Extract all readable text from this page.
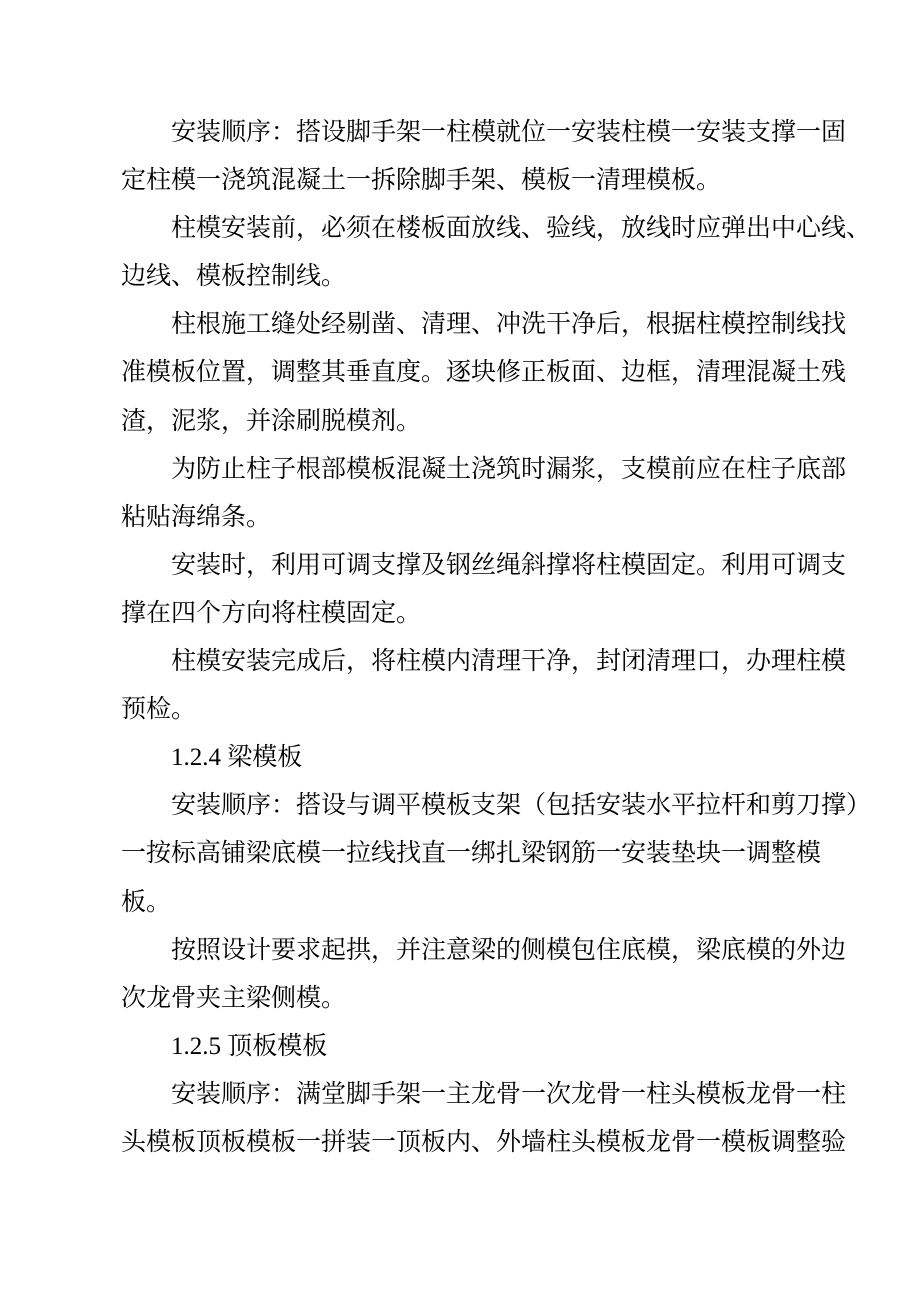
安装顺序：搭设脚手架一柱模就位一安装柱模一安装支撑一固
定柱模一浇筑混凝土一拆除脚手架、模板一清理模板。
柱模安装前，必须在楼板面放线、验线，放线时应弹出中心线、
边线、模板控制线。
柱根施工缝处经剔凿、清理、冲洗干净后，根据柱模控制线找
准模板位置，调整其垂直度。逐块修正板面、边框，清理混凝土残
渣，泥浆，并涂刷脱模剂。
为防止柱子根部模板混凝土浇筑时漏浆，支模前应在柱子底部
粘贴海绵条。
安装时，利用可调支撑及钢丝绳斜撑将柱模固定。利用可调支
撑在四个方向将柱模固定。
柱模安装完成后，将柱模内清理干净，封闭清理口，办理柱模
预检。
1.2.4 梁模板
安装顺序：搭设与调平模板支架（包括安装水平拉杆和剪刀撑）
一按标高铺梁底模一拉线找直一绑扎梁钢筋一安装垫块一调整模
板。
按照设计要求起拱，并注意梁的侧模包住底模，梁底模的外边
次龙骨夹主梁侧模。
1.2.5 顶板模板
安装顺序：满堂脚手架一主龙骨一次龙骨一柱头模板龙骨一柱
头模板顶板模板一拼装一顶板内、外墙柱头模板龙骨一模板调整验
